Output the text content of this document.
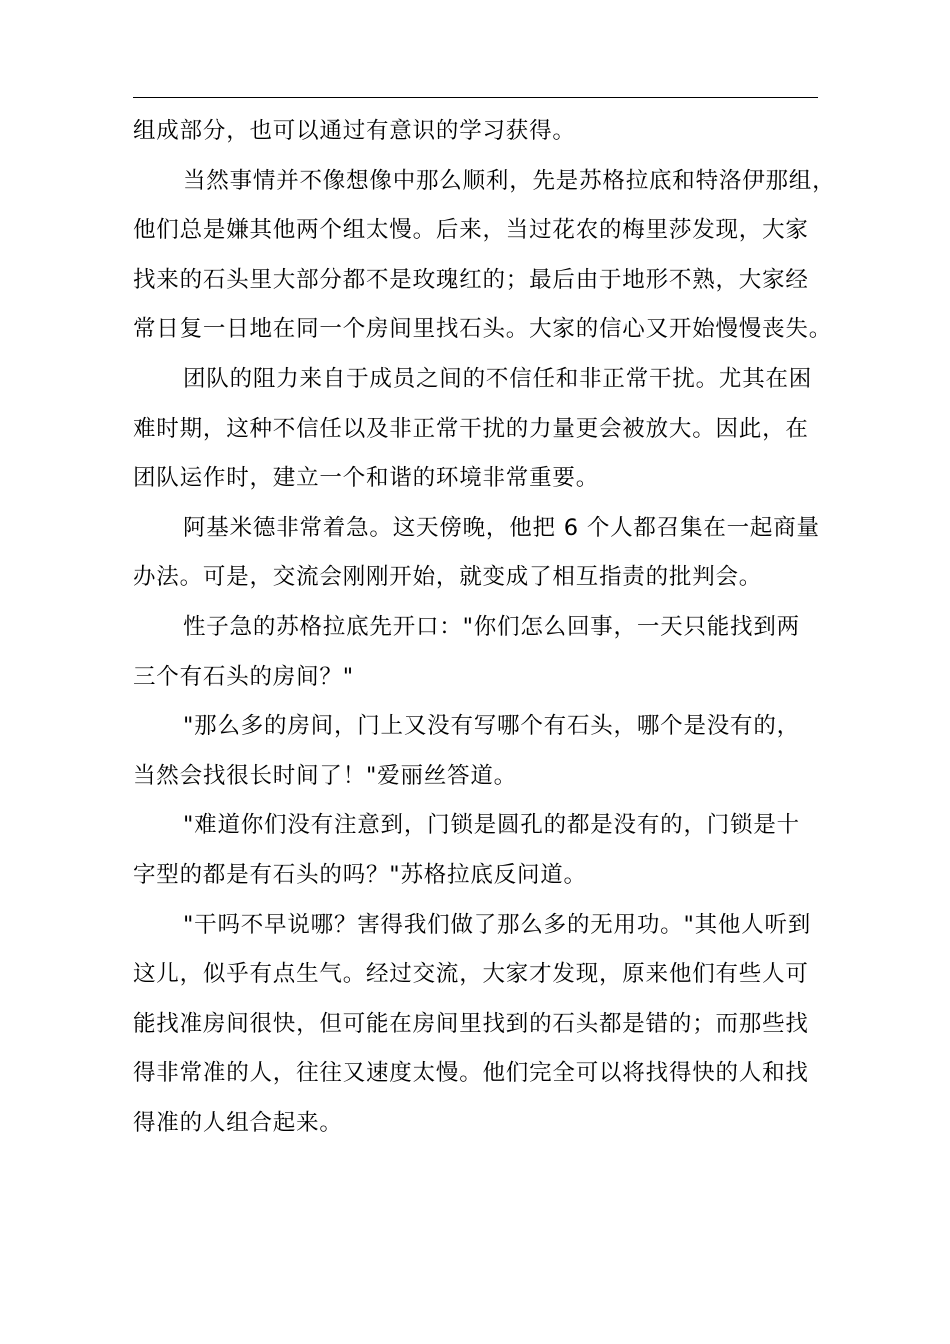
组成部分，也可以通过有意识的学习获得。
当然事情并不像想像中那么顺利，先是苏格拉底和特洛伊那组，
他们总是嫌其他两个组太慢。后来，当过花农的梅里莎发现，大家
找来的石头里大部分都不是玫瑰红的；最后由于地形不熟，大家经
常日复一日地在同一个房间里找石头。大家的信心又开始慢慢丧失。
团队的阻力来自于成员之间的不信任和非正常干扰。尤其在困
难时期，这种不信任以及非正常干扰的力量更会被放大。因此，在
团队运作时，建立一个和谐的环境非常重要。
阿基米德非常着急。这天傍晚，他把 6 个人都召集在一起商量
办法。可是，交流会刚刚开始，就变成了相互指责的批判会。
性子急的苏格拉底先开口："你们怎么回事，一天只能找到两
三个有石头的房间？"
"那么多的房间，门上又没有写哪个有石头，哪个是没有的，
当然会找很长时间了！"爱丽丝答道。
"难道你们没有注意到，门锁是圆孔的都是没有的，门锁是十
字型的都是有石头的吗？"苏格拉底反问道。
"干吗不早说哪？害得我们做了那么多的无用功。"其他人听到
这儿，似乎有点生气。经过交流，大家才发现，原来他们有些人可
能找准房间很快，但可能在房间里找到的石头都是错的；而那些找
得非常准的人，往往又速度太慢。他们完全可以将找得快的人和找
得准的人组合起来。
